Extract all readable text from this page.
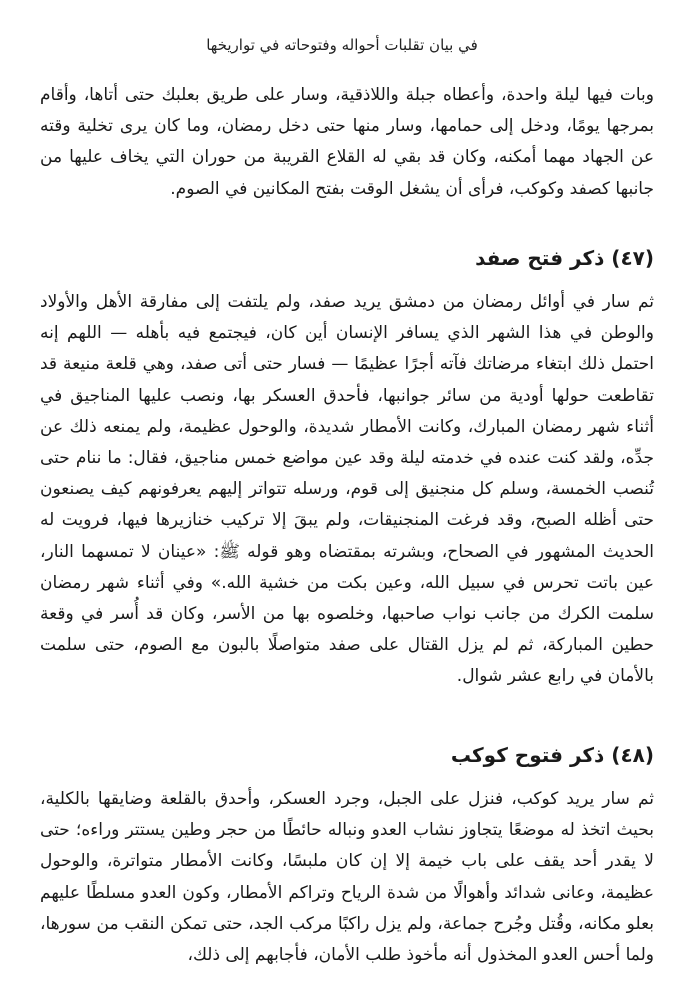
في بيان تقلبات أحواله وفتوحاته في تواريخها

وبات فيها ليلة واحدة، وأعطاه جبلة واللاذقية، وسار على طريق بعلبك حتى أتاها، وأقام بمرجها يومًا، ودخل إلى حمامها، وسار منها حتى دخل رمضان، وما كان يرى تخلية وقته عن الجهاد مهما أمكنه، وكان قد بقي له القلاع القريبة من حوران التي يخاف عليها من جانبها كصفد وكوكب، فرأى أن يشغل الوقت بفتح المكانين في الصوم.

(٤٧) ذكر فتح صفد

ثم سار في أوائل رمضان من دمشق يريد صفد، ولم يلتفت إلى مفارقة الأهل والأولاد والوطن في هذا الشهر الذي يسافر الإنسان أين كان، فيجتمع فيه بأهله — اللهم إنه احتمل ذلك ابتغاء مرضاتك فآته أجرًا عظيمًا — فسار حتى أتى صفد، وهي قلعة منيعة قد تقاطعت حولها أودية من سائر جوانبها، فأحدق العسكر بها، ونصب عليها المناجيق في أثناء شهر رمضان المبارك، وكانت الأمطار شديدة، والوحول عظيمة، ولم يمنعه ذلك عن جدِّه، ولقد كنت عنده في خدمته ليلة وقد عين مواضع خمس مناجيق، فقال: ما ننام حتى تُنصب الخمسة، وسلم كل منجنيق إلى قوم، ورسله تتواتر إليهم يعرفونهم كيف يصنعون حتى أظله الصبح، وقد فرغت المنجنيقات، ولم يبقَ إلا تركيب خنازيرها فيها، فرويت له الحديث المشهور في الصحاح، وبشرته بمقتضاه وهو قوله ﷺ: «عينان لا تمسهما النار، عين باتت تحرس في سبيل الله، وعين بكت من خشية الله.» وفي أثناء شهر رمضان سلمت الكرك من جانب نواب صاحبها، وخلصوه بها من الأسر، وكان قد أُسر في وقعة حطين المباركة، ثم لم يزل القتال على صفد متواصلًا بالبون مع الصوم، حتى سلمت بالأمان في رابع عشر شوال.

(٤٨) ذكر فتوح كوكب

ثم سار يريد كوكب، فنزل على الجبل، وجرد العسكر، وأحدق بالقلعة وضايقها بالكلية، بحيث اتخذ له موضعًا يتجاوز نشاب العدو ونباله حائطًا من حجر وطين يستتر وراءه؛ حتى لا يقدر أحد يقف على باب خيمة إلا إن كان ملبسًا، وكانت الأمطار متواترة، والوحول عظيمة، وعانى شدائد وأهوالًا من شدة الرياح وتراكم الأمطار، وكون العدو مسلطًا عليهم بعلو مكانه، وقُتل وجُرح جماعة، ولم يزل راكبًا مركب الجد، حتى تمكن النقب من سورها، ولما أحس العدو المخذول أنه مأخوذ طلب الأمان، فأجابهم إلى ذلك،
